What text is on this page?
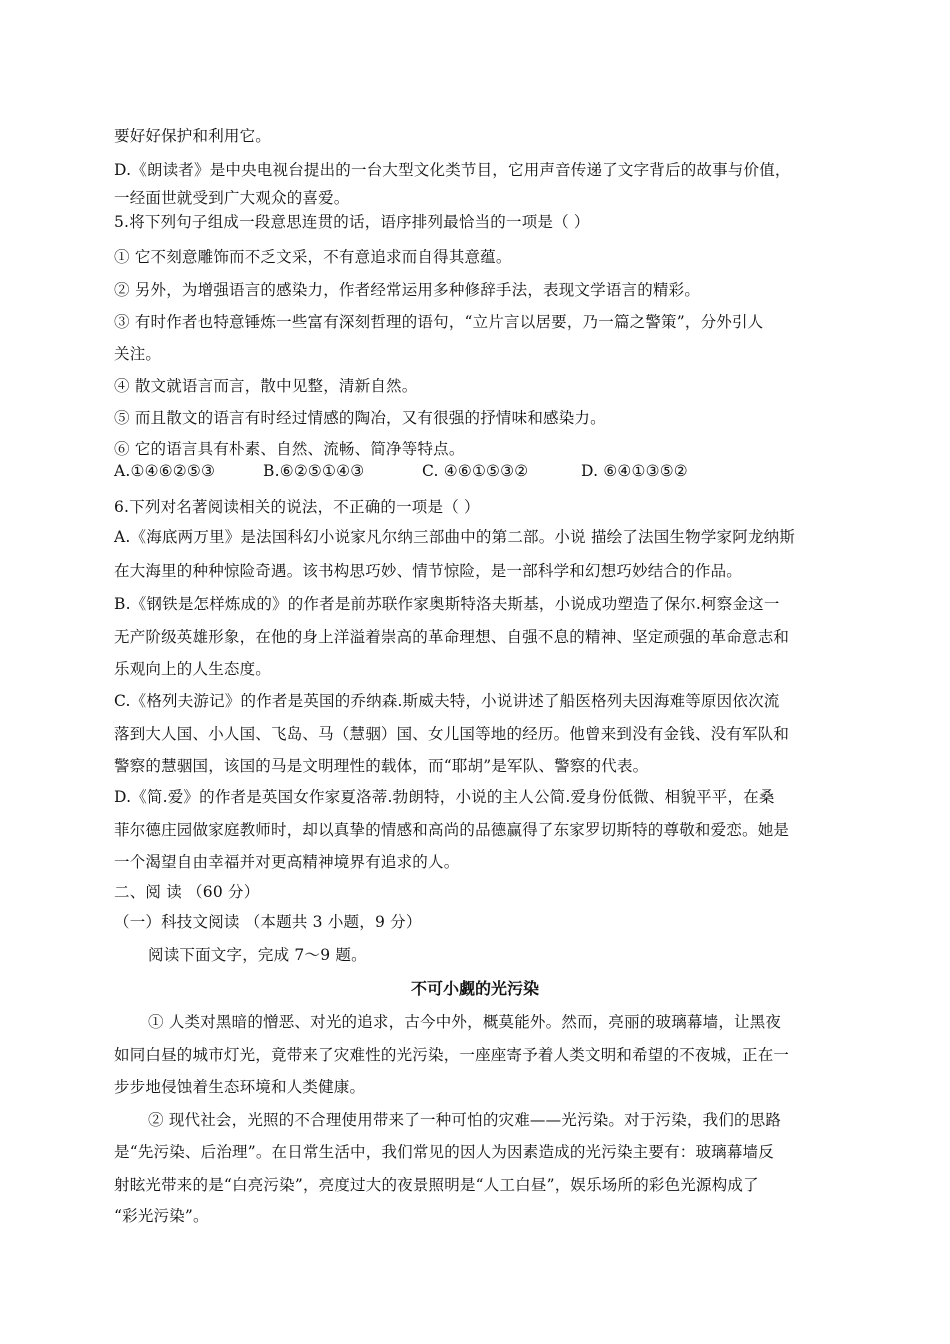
要好好保护和利用它。
D.《朗读者》是中央电视台提出的一台大型文化类节目，它用声音传递了文字背后的故事与价值，
一经面世就受到广大观众的喜爱。
5.将下列句子组成一段意思连贯的话，语序排列最恰当的一项是（ ）
① 它不刻意雕饰而不乏文采，不有意追求而自得其意蕴。
② 另外，为增强语言的感染力，作者经常运用多种修辞手法，表现文学语言的精彩。
③ 有时作者也特意锤炼一些富有深刻哲理的语句，“立片言以居要，乃一篇之警策”，分外引人
关注。
④ 散文就语言而言，散中见整，清新自然。
⑤ 而且散文的语言有时经过情感的陶冶，又有很强的抒情味和感染力。
⑥ 它的语言具有朴素、自然、流畅、简净等特点。
A.①④⑥②⑤③	B.⑥②⑤①④③	C. ④⑥①⑤③②	D. ⑥④①③⑤②
6.下列对名著阅读相关的说法，不正确的一项是（ ）
A.《海底两万里》是法国科幻小说家凡尔纳三部曲中的第二部。小说 描绘了法国生物学家阿龙纳斯
在大海里的种种惊险奇遇。该书构思巧妙、情节惊险，是一部科学和幻想巧妙结合的作品。
B.《钢铁是怎样炼成的》的作者是前苏联作家奥斯特洛夫斯基，小说成功塑造了保尔.柯察金这一
无产阶级英雄形象，在他的身上洋溢着崇高的革命理想、自强不息的精神、坚定顽强的革命意志和
乐观向上的人生态度。
C.《格列夫游记》的作者是英国的乔纳森.斯威夫特，小说讲述了船医格列夫因海难等原因依次流
落到大人国、小人国、飞岛、马（慧骃）国、女儿国等地的经历。他曾来到没有金钱、没有军队和
警察的慧骃国，该国的马是文明理性的载体，而“耶胡”是军队、警察的代表。
D.《简.爱》的作者是英国女作家夏洛蒂.勃朗特，小说的主人公简.爱身份低微、相貌平平，在桑
菲尔德庄园做家庭教师时，却以真挚的情感和高尚的品德赢得了东家罗切斯特的尊敬和爱恋。她是
一个渴望自由幸福并对更高精神境界有追求的人。
二、阅 读 （60 分）
（一）科技文阅读 （本题共 3 小题，9 分）
阅读下面文字，完成 7～9 题。
不可小觑的光污染
① 人类对黑暗的憎恶、对光的追求，古今中外，概莫能外。然而，亮丽的玻璃幕墙，让黑夜
如同白昼的城市灯光，竟带来了灾难性的光污染，一座座寄予着人类文明和希望的不夜城，正在一
步步地侵蚀着生态环境和人类健康。
② 现代社会，光照的不合理使用带来了一种可怕的灾难——光污染。对于污染，我们的思路
是“先污染、后治理”。在日常生活中，我们常见的因人为因素造成的光污染主要有：玻璃幕墙反
射眩光带来的是“白亮污染”，亮度过大的夜景照明是“人工白昼”，娱乐场所的彩色光源构成了
“彩光污染”。
